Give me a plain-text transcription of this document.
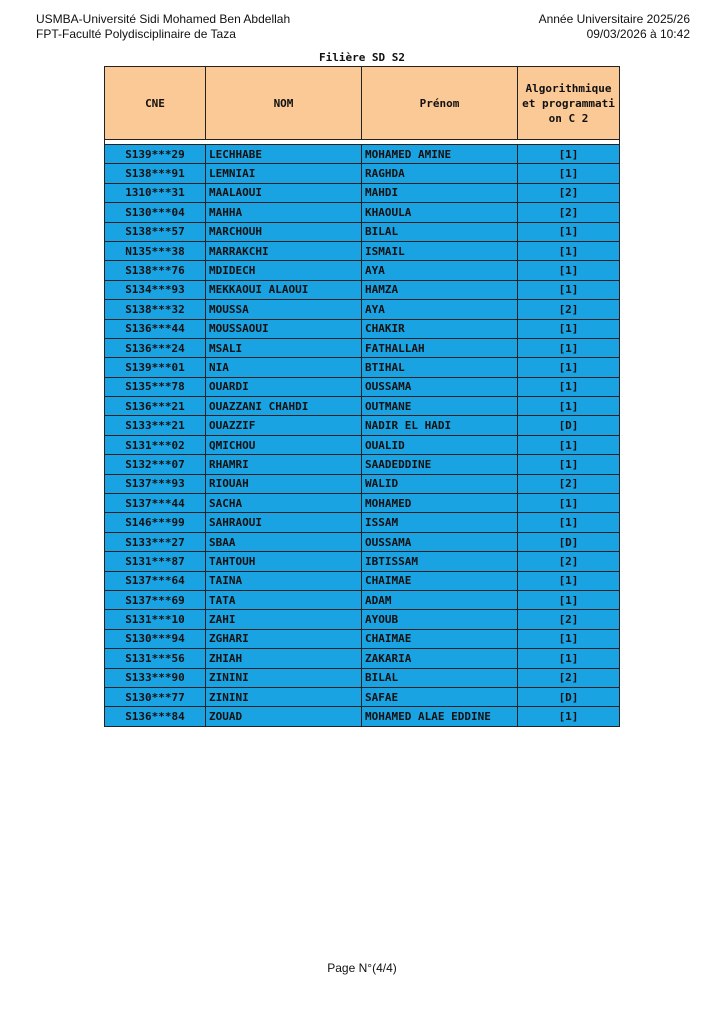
USMBA-Université Sidi Mohamed Ben Abdellah
FPT-Faculté Polydisciplinaire de Taza
Année Universitaire 2025/26
09/03/2026 à 10:42
Filière SD S2
CNE	NOM	Prénom	Algorithmique et programmation C 2

S139***29	LECHHABE	MOHAMED AMINE	[1]
S138***91	LEMNIAI	RAGHDA	[1]
1310***31	MAALAOUI	MAHDI	[2]
S130***04	MAHHA	KHAOULA	[2]
S138***57	MARCHOUH	BILAL	[1]
N135***38	MARRAKCHI	ISMAIL	[1]
S138***76	MDIDECH	AYA	[1]
S134***93	MEKKAOUI ALAOUI	HAMZA	[1]
S138***32	MOUSSA	AYA	[2]
S136***44	MOUSSAOUI	CHAKIR	[1]
S136***24	MSALI	FATHALLAH	[1]
S139***01	NIA	BTIHAL	[1]
S135***78	OUARDI	OUSSAMA	[1]
S136***21	OUAZZANI CHAHDI	OUTMANE	[1]
S133***21	OUAZZIF	NADIR EL HADI	[D]
S131***02	QMICHOU	OUALID	[1]
S132***07	RHAMRI	SAADEDDINE	[1]
S137***93	RIOUAH	WALID	[2]
S137***44	SACHA	MOHAMED	[1]
S146***99	SAHRAOUI	ISSAM	[1]
S133***27	SBAA	OUSSAMA	[D]
S131***87	TAHTOUH	IBTISSAM	[2]
S137***64	TAINA	CHAIMAE	[1]
S137***69	TATA	ADAM	[1]
S131***10	ZAHI	AYOUB	[2]
S130***94	ZGHARI	CHAIMAE	[1]
S131***56	ZHIAH	ZAKARIA	[1]
S133***90	ZININI	BILAL	[2]
S130***77	ZININI	SAFAE	[D]
S136***84	ZOUAD	MOHAMED ALAE EDDINE	[1]
Page N°(4/4)
